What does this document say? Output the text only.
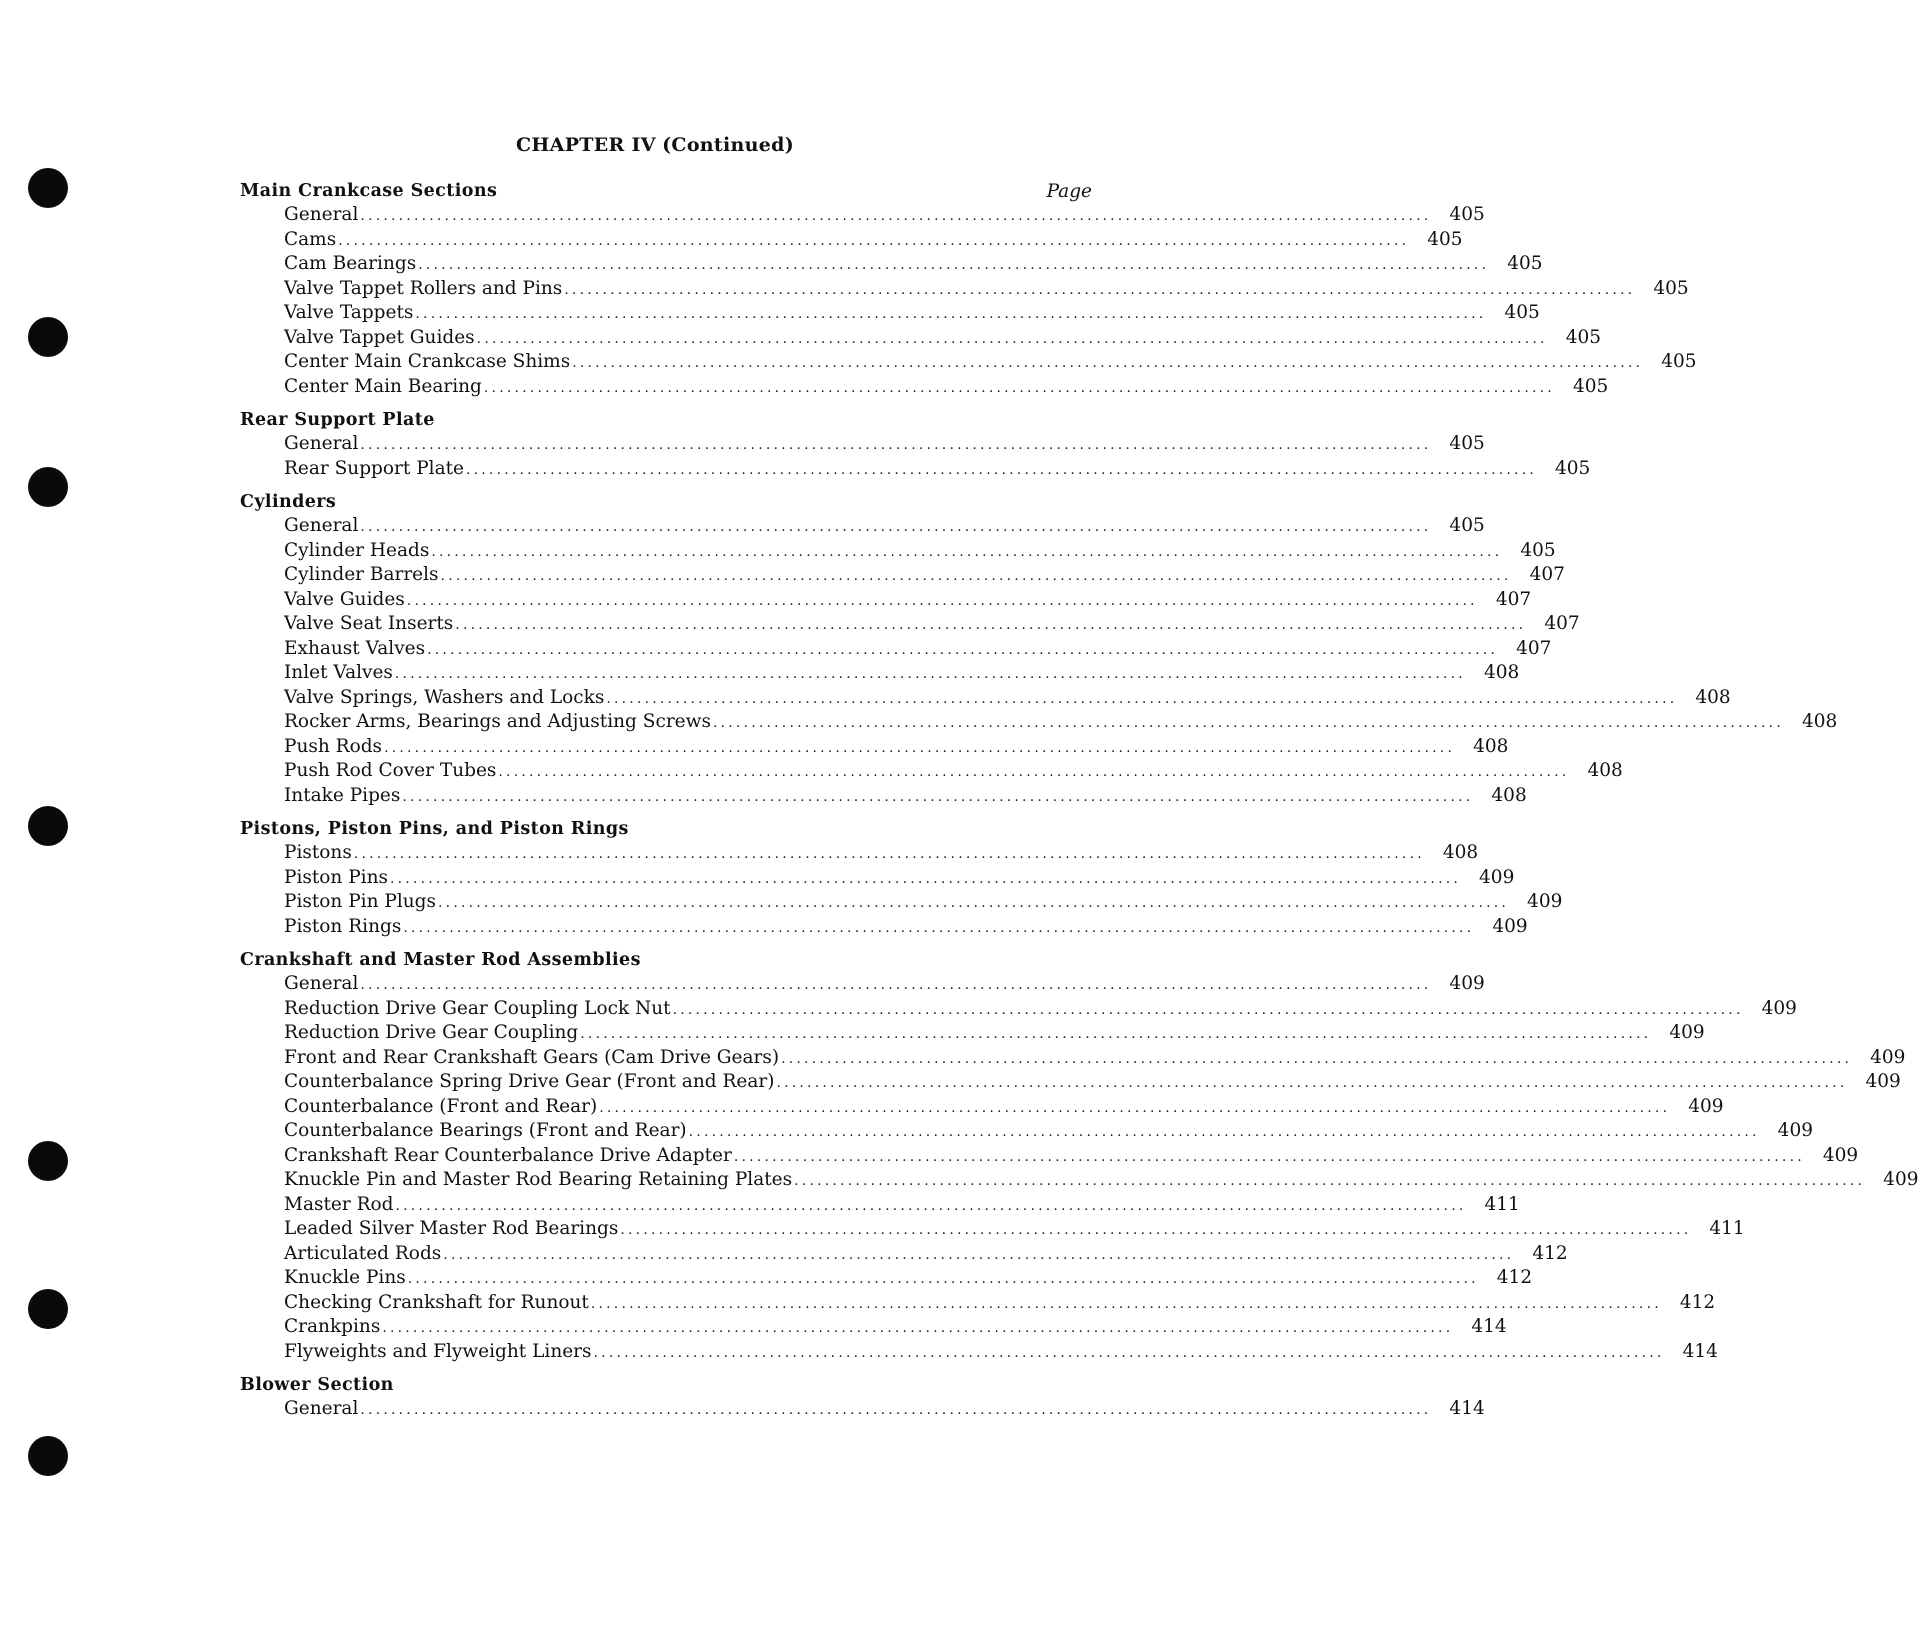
CHAPTER IV (Continued)
Main Crankcase Sections	Page
General ............................................................................................................................................ 405
Cams ............................................................................................................................................ 405
Cam Bearings ............................................................................................................................................ 405
Valve Tappet Rollers and Pins ............................................................................................................................................ 405
Valve Tappets ............................................................................................................................................ 405
Valve Tappet Guides ............................................................................................................................................ 405
Center Main Crankcase Shims ............................................................................................................................................ 405
Center Main Bearing ............................................................................................................................................ 405
Rear Support Plate
General ............................................................................................................................................ 405
Rear Support Plate ............................................................................................................................................ 405
Cylinders
General ............................................................................................................................................ 405
Cylinder Heads ............................................................................................................................................ 405
Cylinder Barrels ............................................................................................................................................ 407
Valve Guides ............................................................................................................................................ 407
Valve Seat Inserts ............................................................................................................................................ 407
Exhaust Valves ............................................................................................................................................ 407
Inlet Valves ............................................................................................................................................ 408
Valve Springs, Washers and Locks ............................................................................................................................................ 408
Rocker Arms, Bearings and Adjusting Screws ............................................................................................................................................ 408
Push Rods ............................................................................................................................................ 408
Push Rod Cover Tubes ............................................................................................................................................ 408
Intake Pipes ............................................................................................................................................ 408
Pistons, Piston Pins, and Piston Rings
Pistons ............................................................................................................................................ 408
Piston Pins ............................................................................................................................................ 409
Piston Pin Plugs ............................................................................................................................................ 409
Piston Rings ............................................................................................................................................ 409
Crankshaft and Master Rod Assemblies
General ............................................................................................................................................ 409
Reduction Drive Gear Coupling Lock Nut ............................................................................................................................................ 409
Reduction Drive Gear Coupling ............................................................................................................................................ 409
Front and Rear Crankshaft Gears (Cam Drive Gears) ............................................................................................................................................ 409
Counterbalance Spring Drive Gear (Front and Rear) ............................................................................................................................................ 409
Counterbalance (Front and Rear) ............................................................................................................................................ 409
Counterbalance Bearings (Front and Rear) ............................................................................................................................................ 409
Crankshaft Rear Counterbalance Drive Adapter ............................................................................................................................................ 409
Knuckle Pin and Master Rod Bearing Retaining Plates ............................................................................................................................................ 409
Master Rod ............................................................................................................................................ 411
Leaded Silver Master Rod Bearings ............................................................................................................................................ 411
Articulated Rods ............................................................................................................................................ 412
Knuckle Pins ............................................................................................................................................ 412
Checking Crankshaft for Runout ............................................................................................................................................ 412
Crankpins ............................................................................................................................................ 414
Flyweights and Flyweight Liners ............................................................................................................................................ 414
Blower Section
General ............................................................................................................................................ 414
